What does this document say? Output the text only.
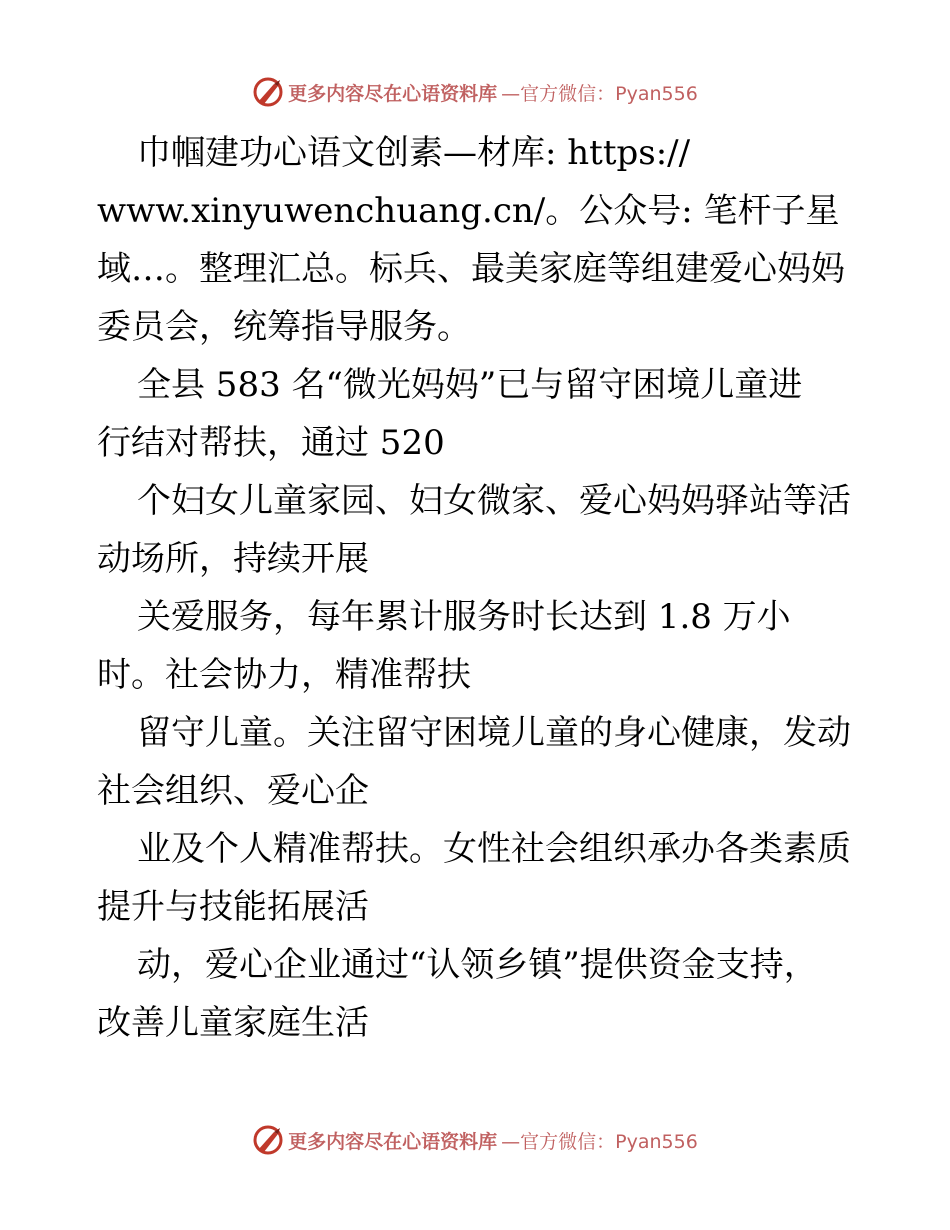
更多内容尽在心语资料库 —官方微信：Pyan556
巾帼建功心语文创素—材库: https://
www.xinyuwenchuang.cn/。公众号: 笔杆子星
域…。整理汇总。标兵、最美家庭等组建爱心妈妈
委员会，统筹指导服务。
全县 583 名“微光妈妈”已与留守困境儿童进
行结对帮扶，通过 520
个妇女儿童家园、妇女微家、爱心妈妈驿站等活
动场所，持续开展
关爱服务，每年累计服务时长达到 1.8 万小
时。社会协力，精准帮扶
留守儿童。关注留守困境儿童的身心健康，发动
社会组织、爱心企
业及个人精准帮扶。女性社会组织承办各类素质
提升与技能拓展活
动，爱心企业通过“认领乡镇”提供资金支持，
改善儿童家庭生活
更多内容尽在心语资料库 —官方微信：Pyan556
